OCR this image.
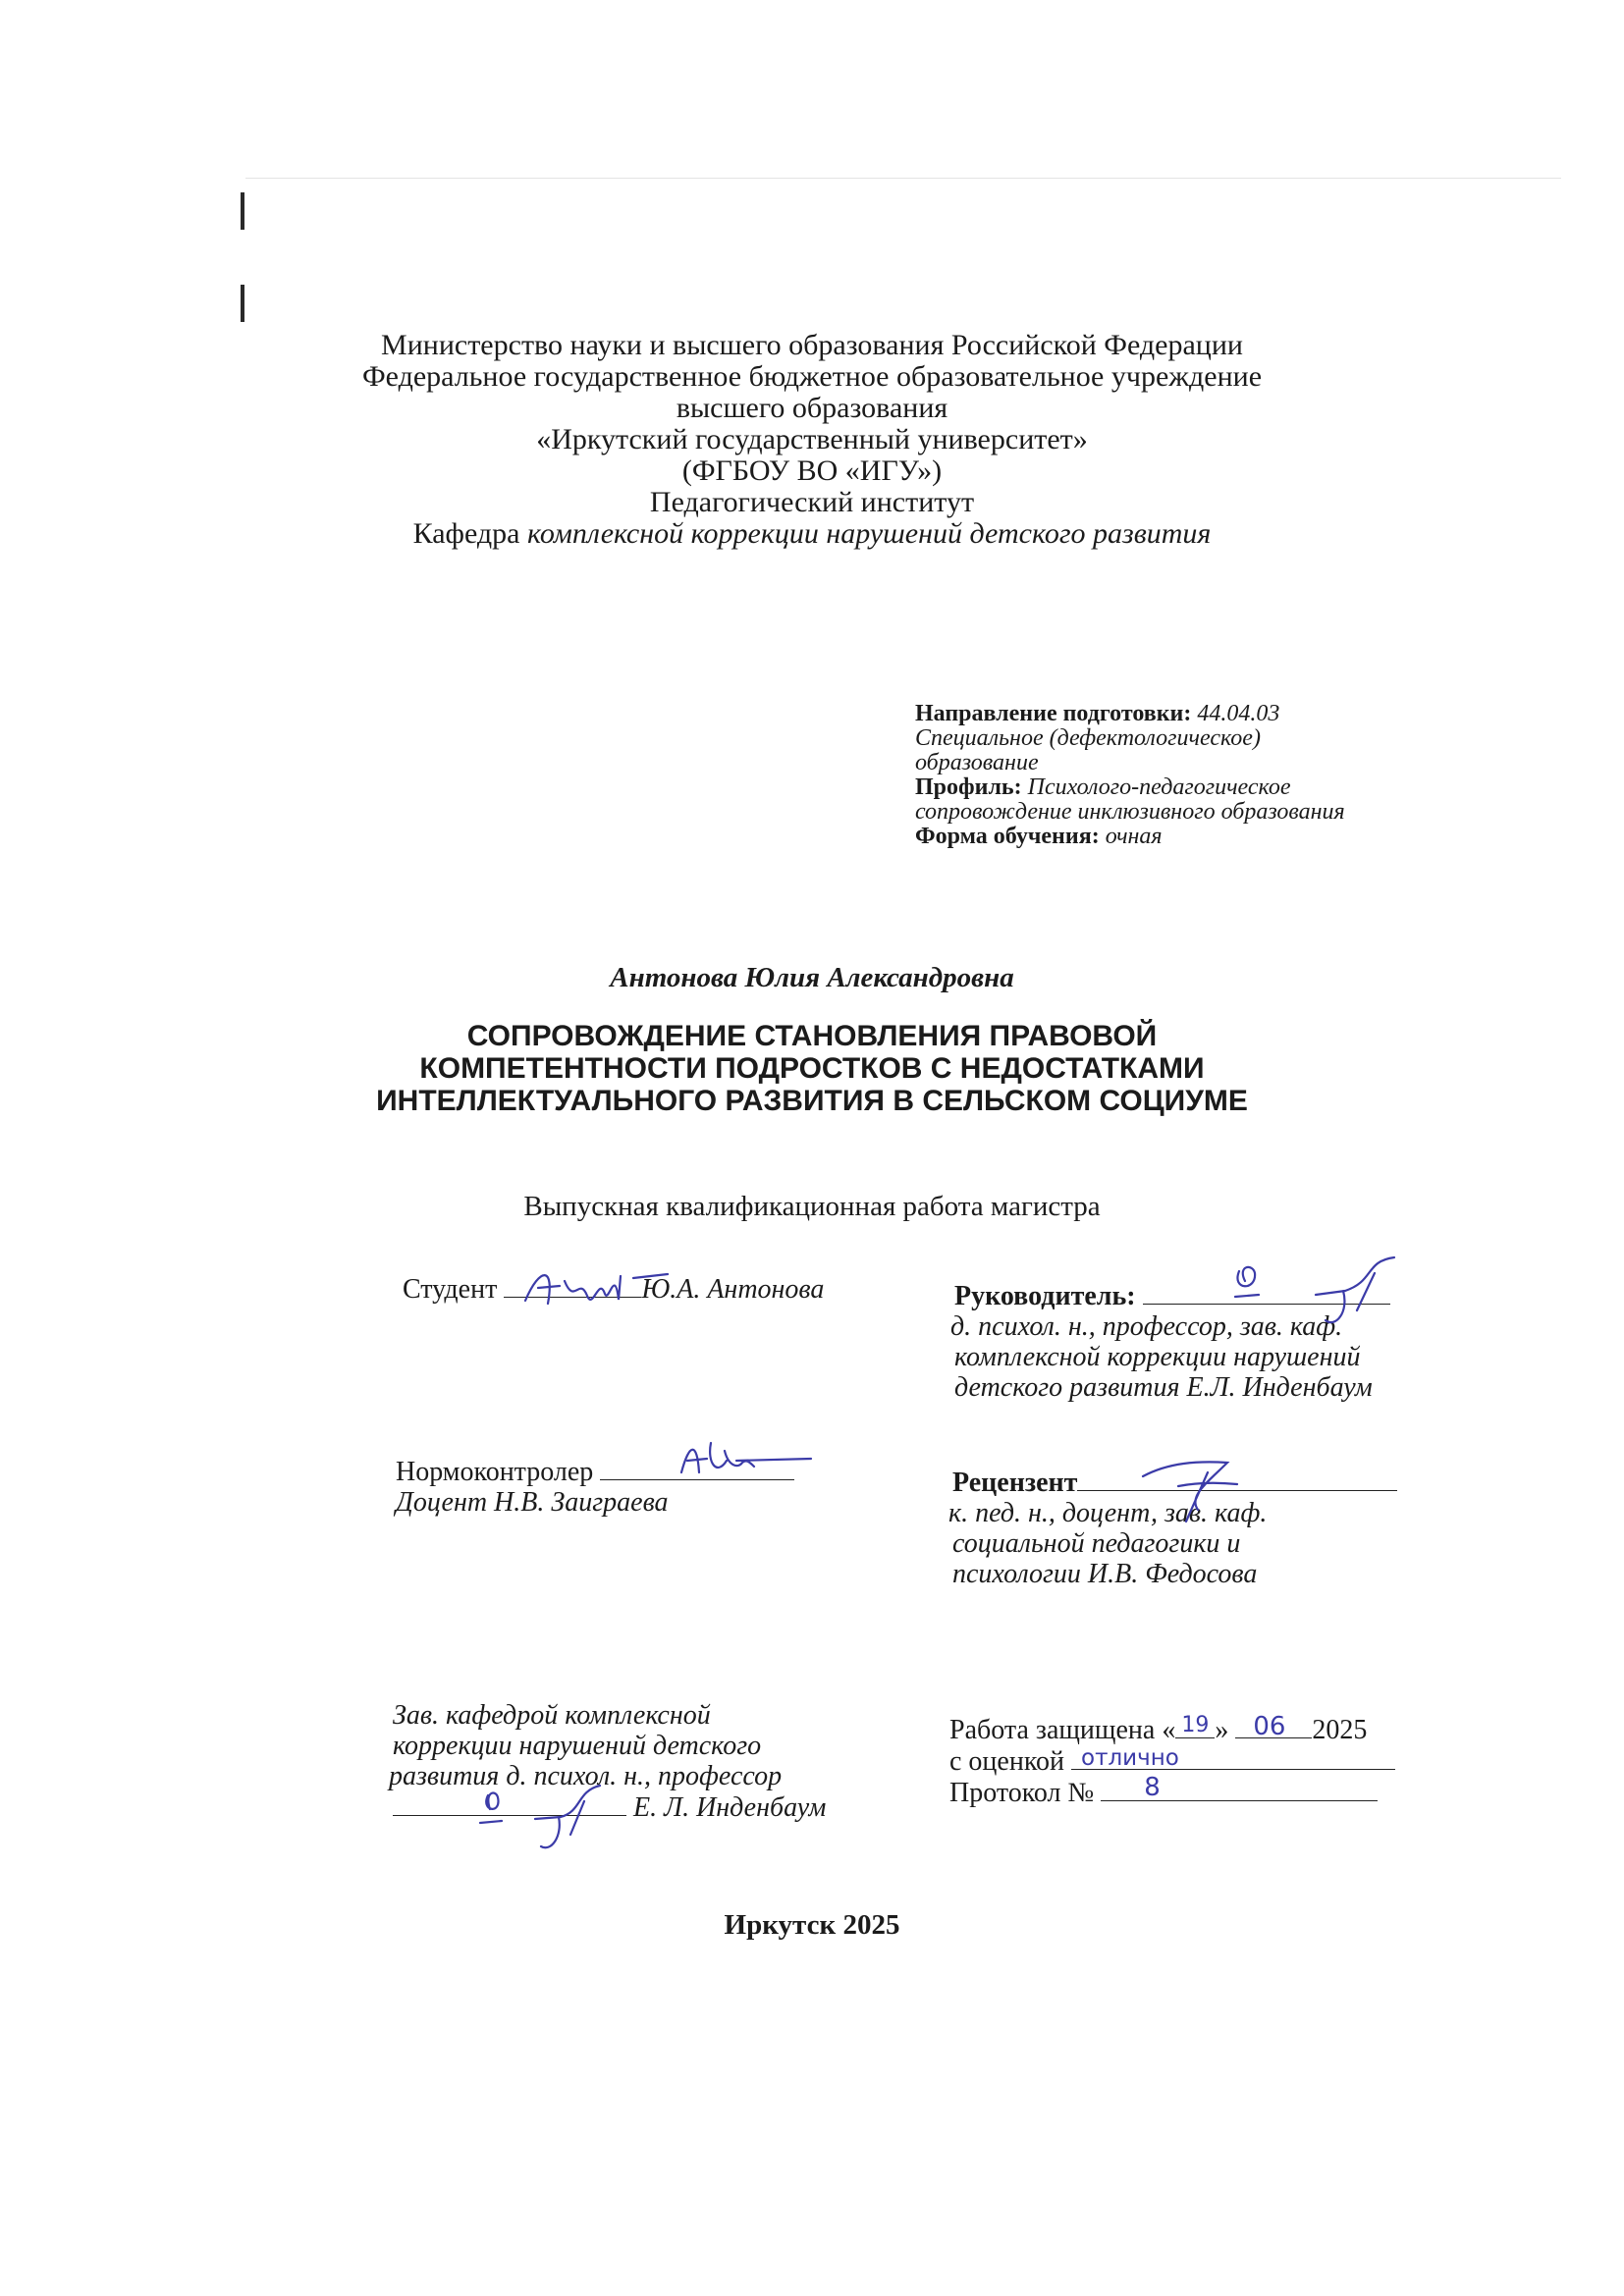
Министерство науки и высшего образования Российской Федерации
Федеральное государственное бюджетное образовательное учреждение
высшего образования
«Иркутский государственный университет»
(ФГБОУ ВО «ИГУ»)
Педагогический институт
Кафедра комплексной коррекции нарушений детского развития
Направление подготовки: 44.04.03
Специальное (дефектологическое)
образование
Профиль: Психолого-педагогическое
сопровождение инклюзивного образования
Форма обучения: очная
Антонова Юлия Александровна
СОПРОВОЖДЕНИЕ СТАНОВЛЕНИЯ ПРАВОВОЙ
КОМПЕТЕНТНОСТИ ПОДРОСТКОВ С НЕДОСТАТКАМИ
ИНТЕЛЛЕКТУАЛЬНОГО РАЗВИТИЯ В СЕЛЬСКОМ СОЦИУМЕ
Выпускная квалификационная работа магистра
Студент	Ю.А. Антонова	Руководитель:
д. психол. н., профессор, зав. каф.
комплексной коррекции нарушений
детского развития Е.Л. Инденбаум
Нормоконтролер
Доцент Н.В. Заиграева
Рецензент
к. пед. н., доцент, зав. каф.
социальной педагогики и
психологии И.В. Федосова
Зав. кафедрой комплексной
коррекции нарушений детского
развития д. психол. н., профессор
Е. Л. Инденбаум
Работа защищена « 19 » 06 2025
с оценкой отлично
Протокол № 8
Иркутск 2025
